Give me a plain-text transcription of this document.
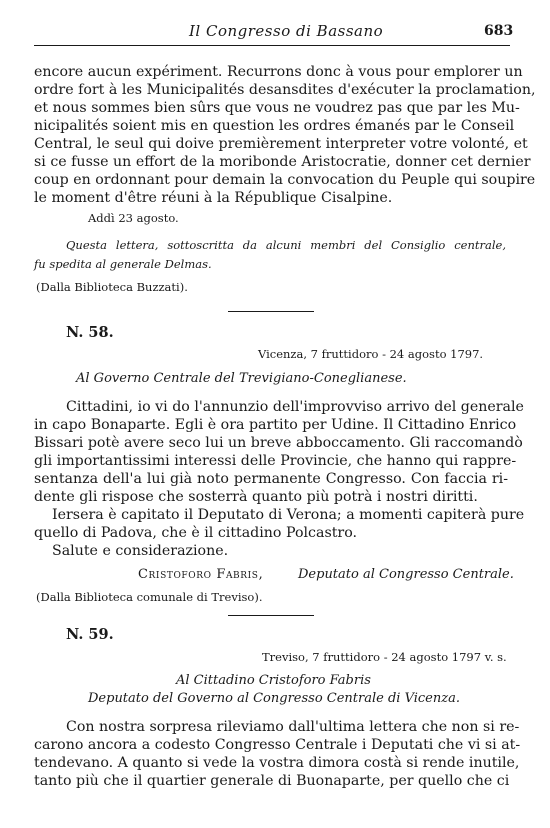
Il Congresso di Bassano	683
encore aucun expériment. Recurrons donc à vous pour emplorer un
ordre fort à les Municipalités desansdites d'exécuter la proclamation,
et nous sommes bien sûrs que vous ne voudrez pas que par les Mu-
nicipalités soient mis en question les ordres émanés par le Conseil
Central, le seul qui doive premièrement interpreter votre volonté, et
si ce fusse un effort de la moribonde Aristocratie, donner cet dernier
coup en ordonnant pour demain la convocation du Peuple qui soupire
le moment d'être réuni à la République Cisalpine.
Addì 23 agosto.
Questa lettera, sottoscritta da alcuni membri del Consiglio centrale,
fu spedita al generale Delmas.
(Dalla Biblioteca Buzzati).
N. 58.
Vicenza, 7 fruttidoro - 24 agosto 1797.
Al Governo Centrale del Trevigiano-Coneglianese.
Cittadini, io vi do l'annunzio dell'improvviso arrivo del generale
in capo Bonaparte. Egli è ora partito per Udine. Il Cittadino Enrico
Bissari potè avere seco lui un breve abboccamento. Gli raccomandò
gli importantissimi interessi delle Provincie, che hanno qui rappre-
sentanza dell'a lui già noto permanente Congresso. Con faccia ri-
dente gli rispose che sosterrà quanto più potrà i nostri diritti.
Iersera è capitato il Deputato di Verona; a momenti capiterà pure
quello di Padova, che è il cittadino Polcastro.
Salute e considerazione.
Cristoforo Fabris,	Deputato al Congresso Centrale.
(Dalla Biblioteca comunale di Treviso).
N. 59.
Treviso, 7 fruttidoro - 24 agosto 1797 v. s.
Al Cittadino Cristoforo Fabris
Deputato del Governo al Congresso Centrale di Vicenza.
Con nostra sorpresa rileviamo dall'ultima lettera che non si re-
carono ancora a codesto Congresso Centrale i Deputati che vi si at-
tendevano. A quanto si vede la vostra dimora costà si rende inutile,
tanto più che il quartier generale di Buonaparte, per quello che ci
